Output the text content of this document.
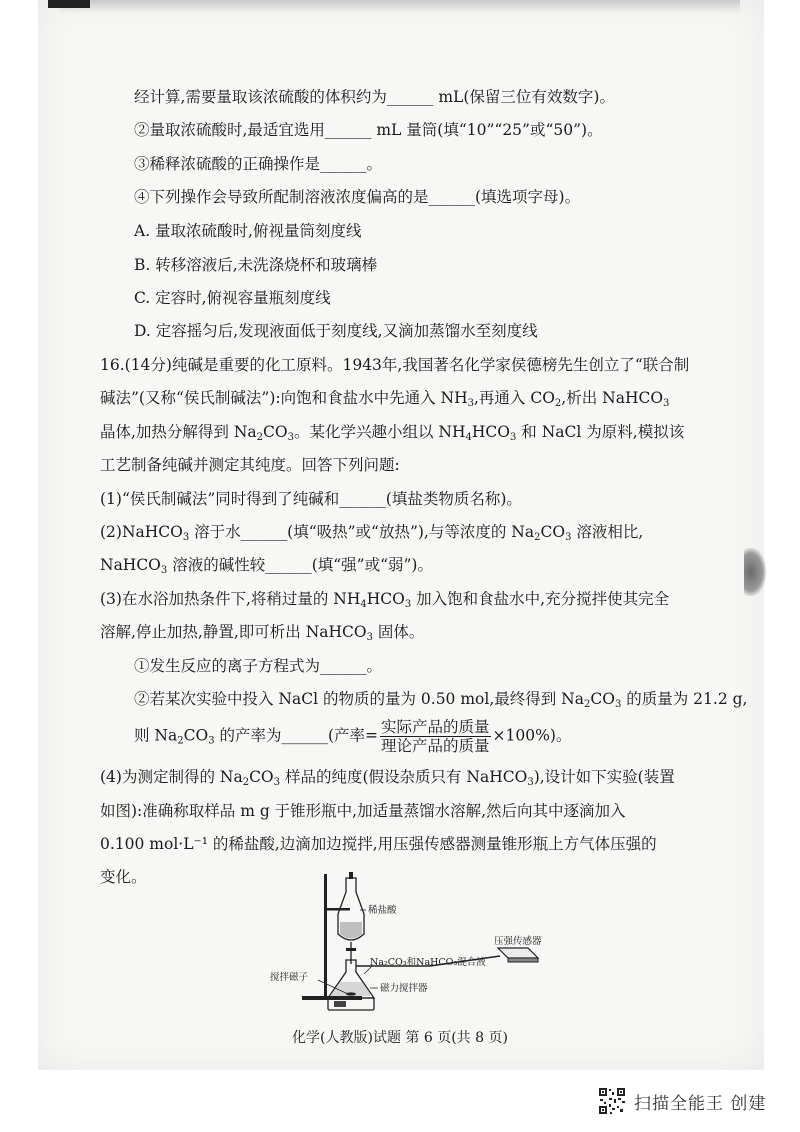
经计算,需要量取该浓硫酸的体积约为______ mL(保留三位有效数字)。
②量取浓硫酸时,最适宜选用______ mL 量筒(填“10”“25”或“50”)。
③稀释浓硫酸的正确操作是______。
④下列操作会导致所配制溶液浓度偏高的是______(填选项字母)。
A. 量取浓硫酸时,俯视量筒刻度线
B. 转移溶液后,未洗涤烧杯和玻璃棒
C. 定容时,俯视容量瓶刻度线
D. 定容摇匀后,发现液面低于刻度线,又滴加蒸馏水至刻度线
16.(14分)纯碱是重要的化工原料。1943年,我国著名化学家侯德榜先生创立了“联合制
碱法”(又称“侯氏制碱法”):向饱和食盐水中先通入 $NH_3$,再通入 $CO_2$,析出 NaHCO$_3$
晶体,加热分解得到 $Na_2CO_3$。某化学兴趣小组以 $NH_4HCO_3$ 和 NaCl 为原料,模拟该
工艺制备纯碱并测定其纯度。回答下列问题:
(1)“侯氏制碱法”同时得到了纯碱和______(填盐类物质名称)。
(2)NaHCO$_3$ 溶于水______(填“吸热”或“放热”),与等浓度的 $Na_2CO_3$ 溶液相比,
NaHCO$_3$ 溶液的碱性较______(填“强”或“弱”)。
(3)在水浴加热条件下,将稍过量的 $NH_4HCO_3$ 加入饱和食盐水中,充分搅拌使其完全
溶解,停止加热,静置,即可析出 NaHCO$_3$ 固体。
①发生反应的离子方程式为______。
②若某次实验中投入 NaCl 的物质的量为 0.50 mol,最终得到 $Na_2CO_3$ 的质量为 21.2 g,
则 $Na_2CO_3$ 的产率为______(产率= $\frac{\text{实际产品的质量}}{\text{理论产品的质量}} \times 100\%$)。
(4)为测定制得的 $Na_2CO_3$ 样品的纯度(假设杂质只有 NaHCO$_3$),设计如下实验(装置
如图):准确称取样品 m g 于锥形瓶中,加适量蒸馏水溶解,然后向其中逐滴加入
0.100 mol·L⁻¹ 的稀盐酸,边滴加边搅拌,用压强传感器测量锥形瓶上方气体压强的
变化。
稀盐酸
压强传感器
Na₂CO₃和NaHCO₃混合液
搅拌磁子
磁力搅拌器
化学(人教版)试题 第 6 页(共 8 页)
扫描全能王 创建
